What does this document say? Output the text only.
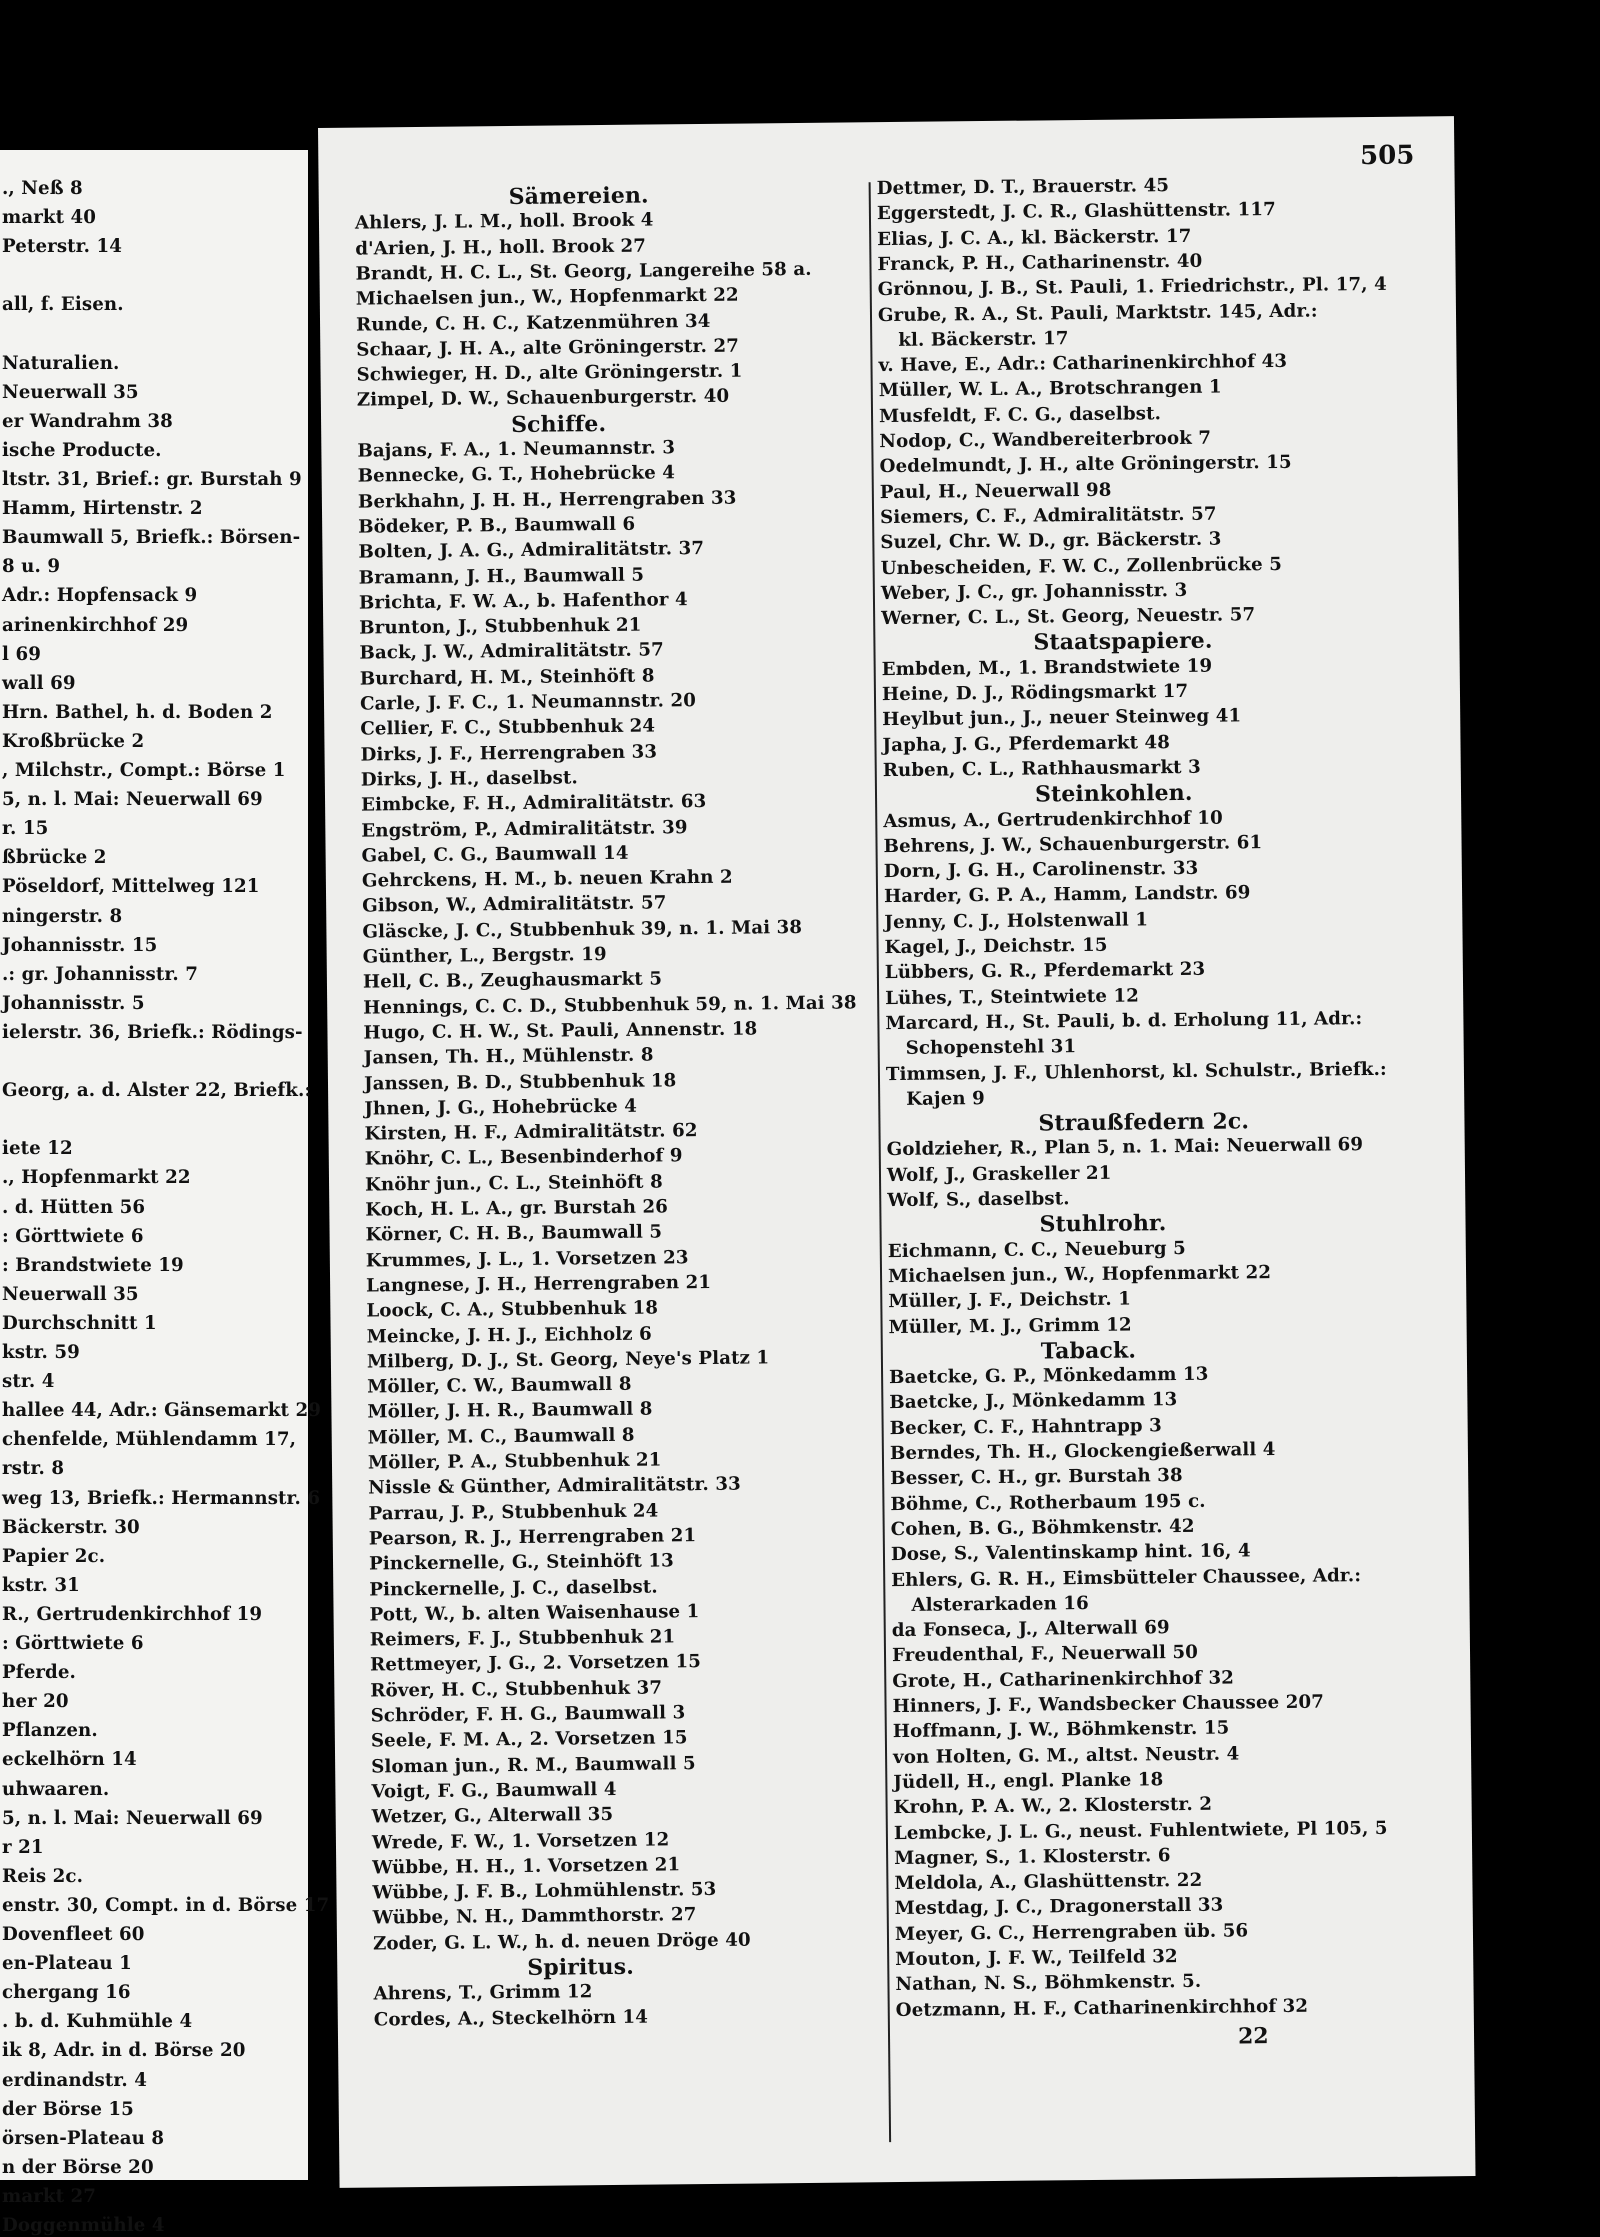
., Neß 8
markt 40
Peterstr. 14
all, f. Eisen.
Naturalien.
Neuerwall 35
er Wandrahm 38
ische Producte.
ltstr. 31, Brief.: gr. Burstah 9
Hamm, Hirtenstr. 2
Baumwall 5, Briefk.: Börsen-
8 u. 9
Adr.: Hopfensack 9
arinenkirchhof 29
l 69
wall 69
Hrn. Bathel, h. d. Boden 2
Kroßbrücke 2
, Milchstr., Compt.: Börse 1
5, n. l. Mai: Neuerwall 69
r. 15
ßbrücke 2
Pöseldorf, Mittelweg 121
ningerstr. 8
Johannisstr. 15
.: gr. Johannisstr. 7
Johannisstr. 5
ielerstr. 36, Briefk.: Rödings-
Georg, a. d. Alster 22, Briefk.:
iete 12
., Hopfenmarkt 22
. d. Hütten 56
: Görttwiete 6
: Brandstwiete 19
Neuerwall 35
Durchschnitt 1
kstr. 59
str. 4
hallee 44, Adr.: Gänsemarkt 29
chenfelde, Mühlendamm 17,
rstr. 8
weg 13, Briefk.: Hermannstr. 6
Bäckerstr. 30
Papier 2c.
kstr. 31
R., Gertrudenkirchhof 19
: Görttwiete 6
Pferde.
her 20
Pflanzen.
eckelhörn 14
uhwaaren.
5, n. l. Mai: Neuerwall 69
r 21
Reis 2c.
enstr. 30, Compt. in d. Börse 17
Dovenfleet 60
en-Plateau 1
chergang 16
. b. d. Kuhmühle 4
ik 8, Adr. in d. Börse 20
erdinandstr. 4
der Börse 15
örsen-Plateau 8
n der Börse 20
markt 27
Doggenmühle 4
505
Sämereien.
Ahlers, J. L. M., holl. Brook 4
d'Arien, J. H., holl. Brook 27
Brandt, H. C. L., St. Georg, Langereihe 58 a.
Michaelsen jun., W., Hopfenmarkt 22
Runde, C. H. C., Katzenmühren 34
Schaar, J. H. A., alte Gröningerstr. 27
Schwieger, H. D., alte Gröningerstr. 1
Zimpel, D. W., Schauenburgerstr. 40
Schiffe.
Bajans, F. A., 1. Neumannstr. 3
Bennecke, G. T., Hohebrücke 4
Berkhahn, J. H. H., Herrengraben 33
Bödeker, P. B., Baumwall 6
Bolten, J. A. G., Admiralitätstr. 37
Bramann, J. H., Baumwall 5
Brichta, F. W. A., b. Hafenthor 4
Brunton, J., Stubbenhuk 21
Back, J. W., Admiralitätstr. 57
Burchard, H. M., Steinhöft 8
Carle, J. F. C., 1. Neumannstr. 20
Cellier, F. C., Stubbenhuk 24
Dirks, J. F., Herrengraben 33
Dirks, J. H., daselbst.
Eimbcke, F. H., Admiralitätstr. 63
Engström, P., Admiralitätstr. 39
Gabel, C. G., Baumwall 14
Gehrckens, H. M., b. neuen Krahn 2
Gibson, W., Admiralitätstr. 57
Gläscke, J. C., Stubbenhuk 39, n. 1. Mai 38
Günther, L., Bergstr. 19
Hell, C. B., Zeughausmarkt 5
Hennings, C. C. D., Stubbenhuk 59, n. 1. Mai 38
Hugo, C. H. W., St. Pauli, Annenstr. 18
Jansen, Th. H., Mühlenstr. 8
Janssen, B. D., Stubbenhuk 18
Jhnen, J. G., Hohebrücke 4
Kirsten, H. F., Admiralitätstr. 62
Knöhr, C. L., Besenbinderhof 9
Knöhr jun., C. L., Steinhöft 8
Koch, H. L. A., gr. Burstah 26
Körner, C. H. B., Baumwall 5
Krummes, J. L., 1. Vorsetzen 23
Langnese, J. H., Herrengraben 21
Loock, C. A., Stubbenhuk 18
Meincke, J. H. J., Eichholz 6
Milberg, D. J., St. Georg, Neye's Platz 1
Möller, C. W., Baumwall 8
Möller, J. H. R., Baumwall 8
Möller, M. C., Baumwall 8
Möller, P. A., Stubbenhuk 21
Nissle & Günther, Admiralitätstr. 33
Parrau, J. P., Stubbenhuk 24
Pearson, R. J., Herrengraben 21
Pinckernelle, G., Steinhöft 13
Pinckernelle, J. C., daselbst.
Pott, W., b. alten Waisenhause 1
Reimers, F. J., Stubbenhuk 21
Rettmeyer, J. G., 2. Vorsetzen 15
Röver, H. C., Stubbenhuk 37
Schröder, F. H. G., Baumwall 3
Seele, F. M. A., 2. Vorsetzen 15
Sloman jun., R. M., Baumwall 5
Voigt, F. G., Baumwall 4
Wetzer, G., Alterwall 35
Wrede, F. W., 1. Vorsetzen 12
Wübbe, H. H., 1. Vorsetzen 21
Wübbe, J. F. B., Lohmühlenstr. 53
Wübbe, N. H., Dammthorstr. 27
Zoder, G. L. W., h. d. neuen Dröge 40
Spiritus.
Ahrens, T., Grimm 12
Cordes, A., Steckelhörn 14
Dettmer, D. T., Brauerstr. 45
Eggerstedt, J. C. R., Glashüttenstr. 117
Elias, J. C. A., kl. Bäckerstr. 17
Franck, P. H., Catharinenstr. 40
Grönnou, J. B., St. Pauli, 1. Friedrichstr., Pl. 17, 4
Grube, R. A., St. Pauli, Marktstr. 145, Adr.:
kl. Bäckerstr. 17
v. Have, E., Adr.: Catharinenkirchhof 43
Müller, W. L. A., Brotschrangen 1
Musfeldt, F. C. G., daselbst.
Nodop, C., Wandbereiterbrook 7
Oedelmundt, J. H., alte Gröningerstr. 15
Paul, H., Neuerwall 98
Siemers, C. F., Admiralitätstr. 57
Suzel, Chr. W. D., gr. Bäckerstr. 3
Unbescheiden, F. W. C., Zollenbrücke 5
Weber, J. C., gr. Johannisstr. 3
Werner, C. L., St. Georg, Neuestr. 57
Staatspapiere.
Embden, M., 1. Brandstwiete 19
Heine, D. J., Rödingsmarkt 17
Heylbut jun., J., neuer Steinweg 41
Japha, J. G., Pferdemarkt 48
Ruben, C. L., Rathhausmarkt 3
Steinkohlen.
Asmus, A., Gertrudenkirchhof 10
Behrens, J. W., Schauenburgerstr. 61
Dorn, J. G. H., Carolinenstr. 33
Harder, G. P. A., Hamm, Landstr. 69
Jenny, C. J., Holstenwall 1
Kagel, J., Deichstr. 15
Lübbers, G. R., Pferdemarkt 23
Lühes, T., Steintwiete 12
Marcard, H., St. Pauli, b. d. Erholung 11, Adr.:
Schopenstehl 31
Timmsen, J. F., Uhlenhorst, kl. Schulstr., Briefk.:
Kajen 9
Straußfedern 2c.
Goldzieher, R., Plan 5, n. 1. Mai: Neuerwall 69
Wolf, J., Graskeller 21
Wolf, S., daselbst.
Stuhlrohr.
Eichmann, C. C., Neueburg 5
Michaelsen jun., W., Hopfenmarkt 22
Müller, J. F., Deichstr. 1
Müller, M. J., Grimm 12
Taback.
Baetcke, G. P., Mönkedamm 13
Baetcke, J., Mönkedamm 13
Becker, C. F., Hahntrapp 3
Berndes, Th. H., Glockengießerwall 4
Besser, C. H., gr. Burstah 38
Böhme, C., Rotherbaum 195 c.
Cohen, B. G., Böhmkenstr. 42
Dose, S., Valentinskamp hint. 16, 4
Ehlers, G. R. H., Eimsbütteler Chaussee, Adr.:
Alsterarkaden 16
da Fonseca, J., Alterwall 69
Freudenthal, F., Neuerwall 50
Grote, H., Catharinenkirchhof 32
Hinners, J. F., Wandsbecker Chaussee 207
Hoffmann, J. W., Böhmkenstr. 15
von Holten, G. M., altst. Neustr. 4
Jüdell, H., engl. Planke 18
Krohn, P. A. W., 2. Klosterstr. 2
Lembcke, J. L. G., neust. Fuhlentwiete, Pl 105, 5
Magner, S., 1. Klosterstr. 6
Meldola, A., Glashüttenstr. 22
Mestdag, J. C., Dragonerstall 33
Meyer, G. C., Herrengraben üb. 56
Mouton, J. F. W., Teilfeld 32
Nathan, N. S., Böhmkenstr. 5.
Oetzmann, H. F., Catharinenkirchhof 32
22
